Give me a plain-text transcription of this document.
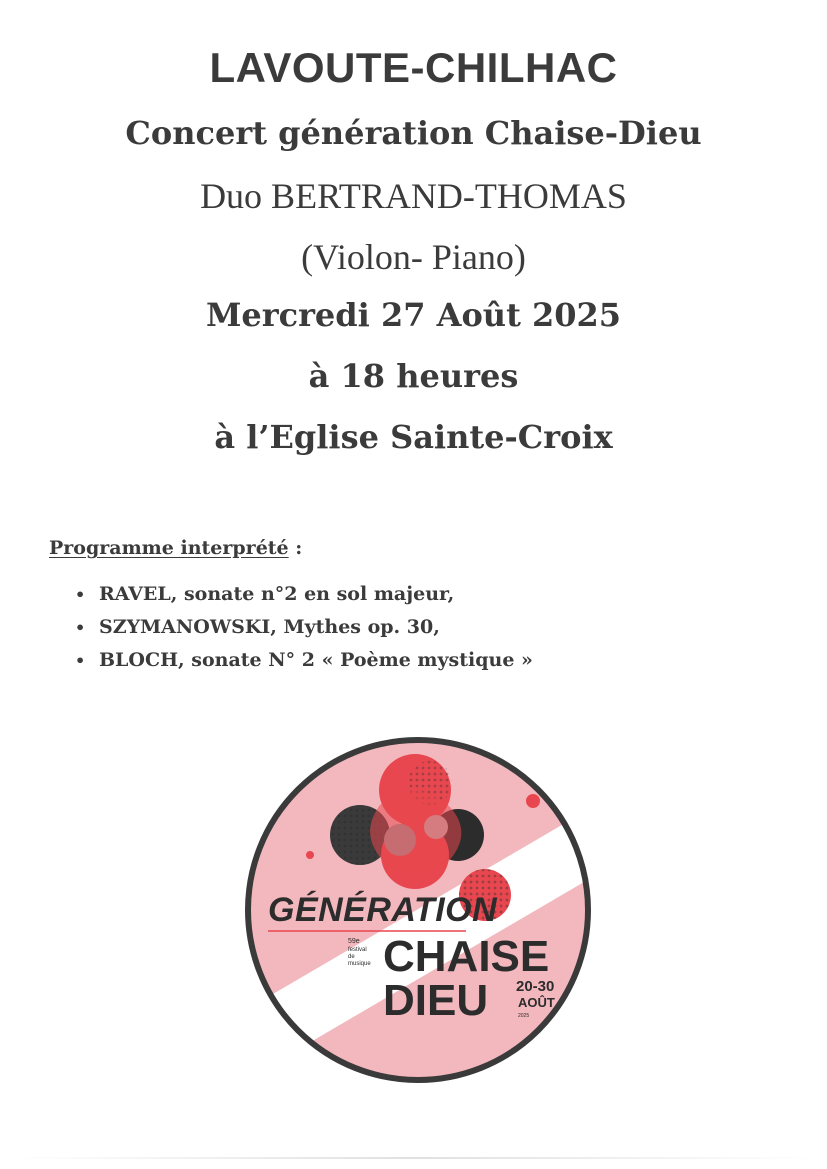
LAVOUTE-CHILHAC
Concert génération Chaise-Dieu
Duo BERTRAND-THOMAS
(Violon- Piano)
Mercredi 27 Août 2025
à 18 heures
à l’Eglise Sainte-Croix
Programme interprété :
• RAVEL, sonate n°2 en sol majeur,
• SZYMANOWSKI, Mythes op. 30,
• BLOCH, sonate N° 2 « Poème mystique »
GÉNÉRATION
59e
festival
de
musique CHAISE
DIEU 20-30
AOÛT
2025
